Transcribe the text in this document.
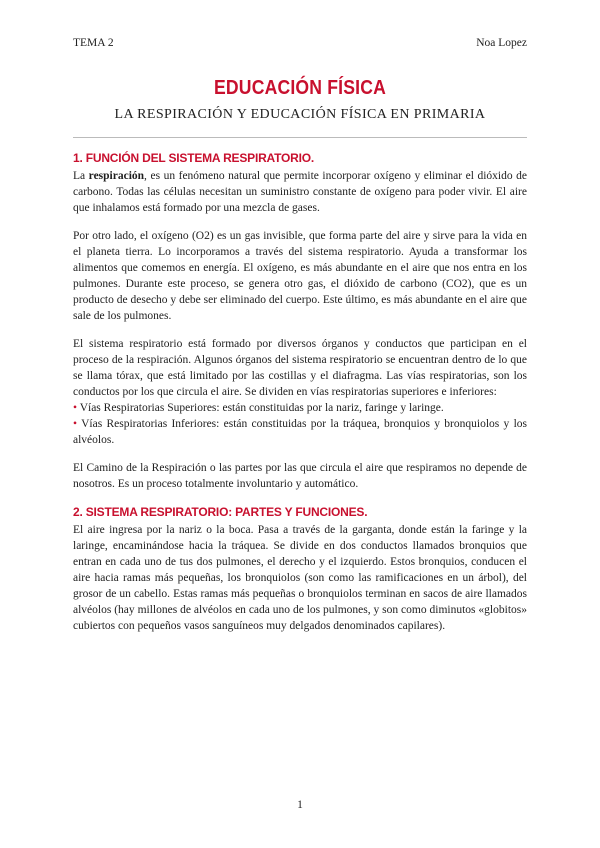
TEMA 2	Noa Lopez
EDUCACIÓN FÍSICA
LA RESPIRACIÓN Y EDUCACIÓN FÍSICA EN PRIMARIA
1. FUNCIÓN DEL SISTEMA RESPIRATORIO.

La respiración, es un fenómeno natural que permite incorporar oxígeno y eliminar el dióxido de carbono. Todas las células necesitan un suministro constante de oxígeno para poder vivir. El aire que inhalamos está formado por una mezcla de gases.

Por otro lado, el oxígeno (O2) es un gas invisible, que forma parte del aire y sirve para la vida en el planeta tierra. Lo incorporamos a través del sistema respiratorio. Ayuda a transformar los alimentos que comemos en energía. El oxígeno, es más abundante en el aire que nos entra en los pulmones. Durante este proceso, se genera otro gas, el dióxido de carbono (CO2), que es un producto de desecho y debe ser eliminado del cuerpo. Este último, es más abundante en el aire que sale de los pulmones.

El sistema respiratorio está formado por diversos órganos y conductos que participan en el proceso de la respiración. Algunos órganos del sistema respiratorio se encuentran dentro de lo que se llama tórax, que está limitado por las costillas y el diafragma. Las vías respiratorias, son los conductos por los que circula el aire. Se dividen en vías respiratorias superiores e inferiores:

• Vías Respiratorias Superiores: están constituidas por la nariz, faringe y laringe.
• Vías Respiratorias Inferiores: están constituidas por la tráquea, bronquios y bronquiolos y los alvéolos.

El Camino de la Respiración o las partes por las que circula el aire que respiramos no depende de nosotros. Es un proceso totalmente involuntario y automático.

2. SISTEMA RESPIRATORIO: PARTES Y FUNCIONES.

El aire ingresa por la nariz o la boca. Pasa a través de la garganta, donde están la faringe y la laringe, encaminándose hacia la tráquea. Se divide en dos conductos llamados bronquios que entran en cada uno de tus dos pulmones, el derecho y el izquierdo. Estos bronquios, conducen el aire hacia ramas más pequeñas, los bronquiolos (son como las ramificaciones en un árbol), del grosor de un cabello. Estas ramas más pequeñas o bronquiolos terminan en sacos de aire llamados alvéolos (hay millones de alvéolos en cada uno de los pulmones, y son como diminutos «globitos» cubiertos con pequeños vasos sanguíneos muy delgados denominados capilares).

1
